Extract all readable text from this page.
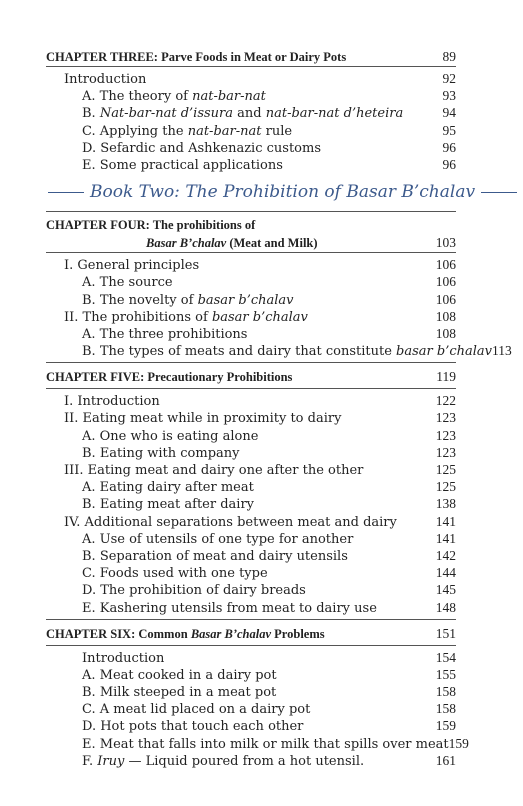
CHAPTER THREE: Parve Foods in Meat or Dairy Pots	89
Introduction	92
A. The theory of nat-bar-nat	93
B. Nat-bar-nat d’issura and nat-bar-nat d’heteira	94
C. Applying the nat-bar-nat rule	95
D. Sefardic and Ashkenazic customs	96
E. Some practical applications	96
Book Two: The Prohibition of Basar B’chalav
CHAPTER FOUR: The prohibitions of
Basar B’chalav (Meat and Milk)	103
I. General principles	106
A. The source	106
B. The novelty of basar b’chalav	106
II. The prohibitions of basar b’chalav	108
A. The three prohibitions	108
B. The types of meats and dairy that constitute basar b’chalav 113
CHAPTER FIVE: Precautionary Prohibitions	119
I. Introduction	122
II. Eating meat while in proximity to dairy	123
A. One who is eating alone	123
B. Eating with company	123
III. Eating meat and dairy one after the other	125
A. Eating dairy after meat	125
B. Eating meat after dairy	138
IV. Additional separations between meat and dairy	141
A. Use of utensils of one type for another	141
B. Separation of meat and dairy utensils	142
C. Foods used with one type	144
D. The prohibition of dairy breads	145
E. Kashering utensils from meat to dairy use	148
CHAPTER SIX: Common Basar B’chalav Problems	151
Introduction	154
A. Meat cooked in a dairy pot	155
B. Milk steeped in a meat pot	158
C. A meat lid placed on a dairy pot	158
D. Hot pots that touch each other	159
E. Meat that falls into milk or milk that spills over meat 159
F. Iruy — Liquid poured from a hot utensil.	161
